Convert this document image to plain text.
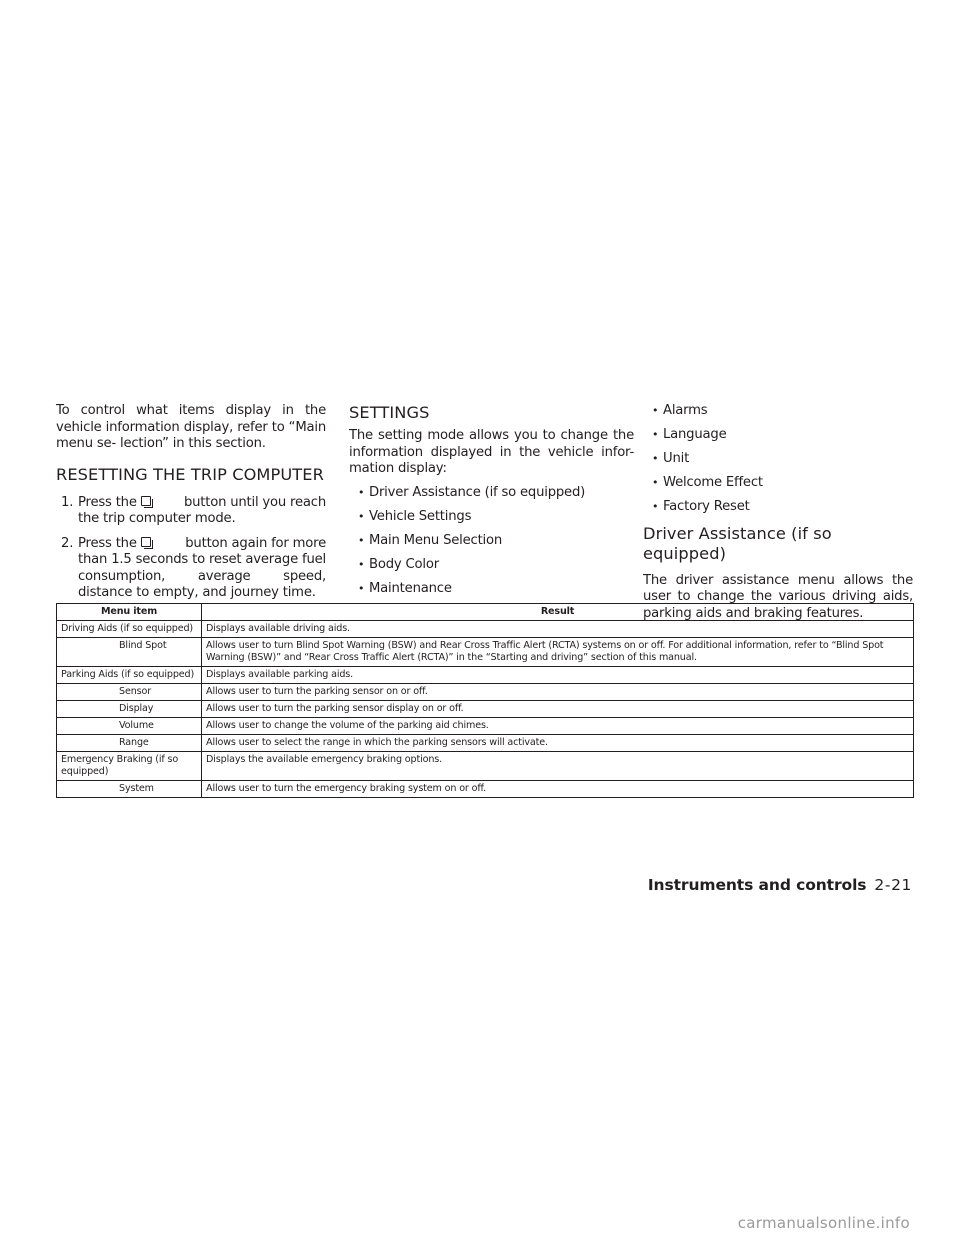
To control what items display in the vehicle information display, refer to “Main menu se- lection” in this section.

RESETTING THE TRIP COMPUTER
1. Press the	button until you reach
the trip computer mode.
2. Press the	button again for more
than 1.5 seconds to reset average fuel consumption, average speed, distance to empty, and journey time.
SETTINGS

The setting mode allows you to change the information displayed in the vehicle infor- mation display:

• Driver Assistance (if so equipped)
• Vehicle Settings
• Main Menu Selection
• Body Color
• Maintenance
• Alarms
• Language
• Unit
• Welcome Effect
• Factory Reset
Driver Assistance (if so equipped)

The driver assistance menu allows the user to change the various driving aids, parking aids and braking features.

Menu item	Result
Driving Aids (if so equipped)	Displays available driving aids.
Blind Spot	Allows user to turn Blind Spot Warning (BSW) and Rear Cross Traffic Alert (RCTA) systems on or off. For additional information, refer to “Blind Spot Warning (BSW)” and “Rear Cross Traffic Alert (RCTA)” in the “Starting and driving” section of this manual.
Parking Aids (if so equipped)	Displays available parking aids.
Sensor	Allows user to turn the parking sensor on or off.
Display	Allows user to turn the parking sensor display on or off.
Volume	Allows user to change the volume of the parking aid chimes.
Range	Allows user to select the range in which the parking sensors will activate.
Emergency Braking (if so equipped)	Displays the available emergency braking options.
System	Allows user to turn the emergency braking system on or off.
Instruments and controls 2-21
carmanualsonline.info
